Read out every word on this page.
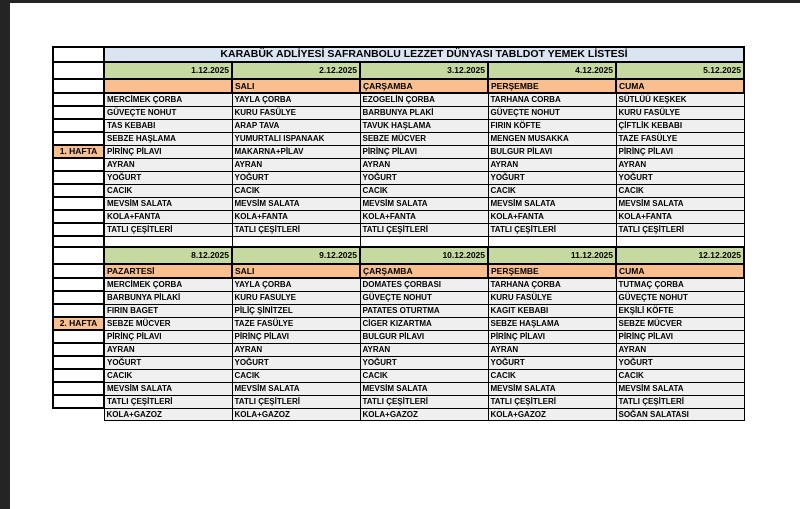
	KARABÜK ADLİYESİ SAFRANBOLU LEZZET DÜNYASI TABLDOT YEMEK LİSTESİ				
	1.12.2025	2.12.2025	3.12.2025	4.12.2025	5.12.2025
		SALI	ÇARŞAMBA	PERŞEMBE	CUMA
	MERCİMEK ÇORBA	YAYLA ÇORBA	EZOGELİN ÇORBA	TARHANA CORBA	SÜTLÜÜ KEŞKEK
	GÜVEÇTE NOHUT	KURU FASÜLYE	BARBUNYA PLAKİ	GÜVEÇTE NOHUT	KURU FASÜLYE
	TAS KEBABI	ARAP TAVA	TAVUK HAŞLAMA	FIRIN KÖFTE	ÇİFTLİK KEBABI
	SEBZE HAŞLAMA	YUMURTALI ISPANAAK	SEBZE MÜCVER	MENGEN MUSAKKA	TAZE FASÜLYE
1. HAFTA	PİRİNÇ PİLAVI	MAKARNA+PİLAV	PİRİNÇ PİLAVI	BULGUR PİLAVI	PİRİNÇ PİLAVI
	AYRAN	AYRAN	AYRAN	AYRAN	AYRAN
	YOĞURT	YOĞURT	YOĞURT	YOĞURT	YOĞURT
	CACIK	CACIK	CACIK	CACIK	CACIK
	MEVSİM SALATA	MEVSİM SALATA	MEVSİM SALATA	MEVSİM SALATA	MEVSİM SALATA
	KOLA+FANTA	KOLA+FANTA	KOLA+FANTA	KOLA+FANTA	KOLA+FANTA
	TATLI ÇEŞİTLERİ	TATLI ÇEŞİTLERİ	TATLI ÇEŞİTLERİ	TATLI ÇEŞİTLERİ	TATLI ÇEŞİTLERİ

	8.12.2025	9.12.2025	10.12.2025	11.12.2025	12.12.2025
	PAZARTESİ	SALI	ÇARŞAMBA	PERŞEMBE	CUMA
	MERCİMEK ÇORBA	YAYLA ÇORBA	DOMATES ÇORBASI	TARHANA ÇORBA	TUTMAÇ ÇORBA
	BARBUNYA PİLAKİ	KURU FASULYE	GÜVEÇTE NOHUT	KURU FASÜLYE	GÜVEÇTE NOHUT
	FIRIN BAGET	PİLİÇ ŞİNİTZEL	PATATES OTURTMA	KAGIT KEBABI	EKŞİLİ KÖFTE
2. HAFTA	SEBZE MÜCVER	TAZE FASÜLYE	CİGER KIZARTMA	SEBZE HAŞLAMA	SEBZE MÜCVER
	PİRİNÇ PİLAVI	PİRİNÇ PİLAVI	BULGUR PİLAVI	PİRİNÇ PİLAVI	PİRİNÇ PİLAVI
	AYRAN	AYRAN	AYRAN	AYRAN	AYRAN
	YOĞURT	YOĞURT	YOĞURT	YOĞURT	YOĞURT
	CACIK	CACIK	CACIK	CACIK	CACIK
	MEVSİM SALATA	MEVSİM SALATA	MEVSİM SALATA	MEVSİM SALATA	MEVSİM SALATA
	TATLI ÇEŞİTLERİ	TATLI ÇEŞİTLERİ	TATLI ÇEŞİTLERİ	TATLI ÇEŞİTLERİ	TATLI ÇEŞİTLERİ
	KOLA+GAZOZ	KOLA+GAZOZ	KOLA+GAZOZ	KOLA+GAZOZ	SOĞAN SALATASI
